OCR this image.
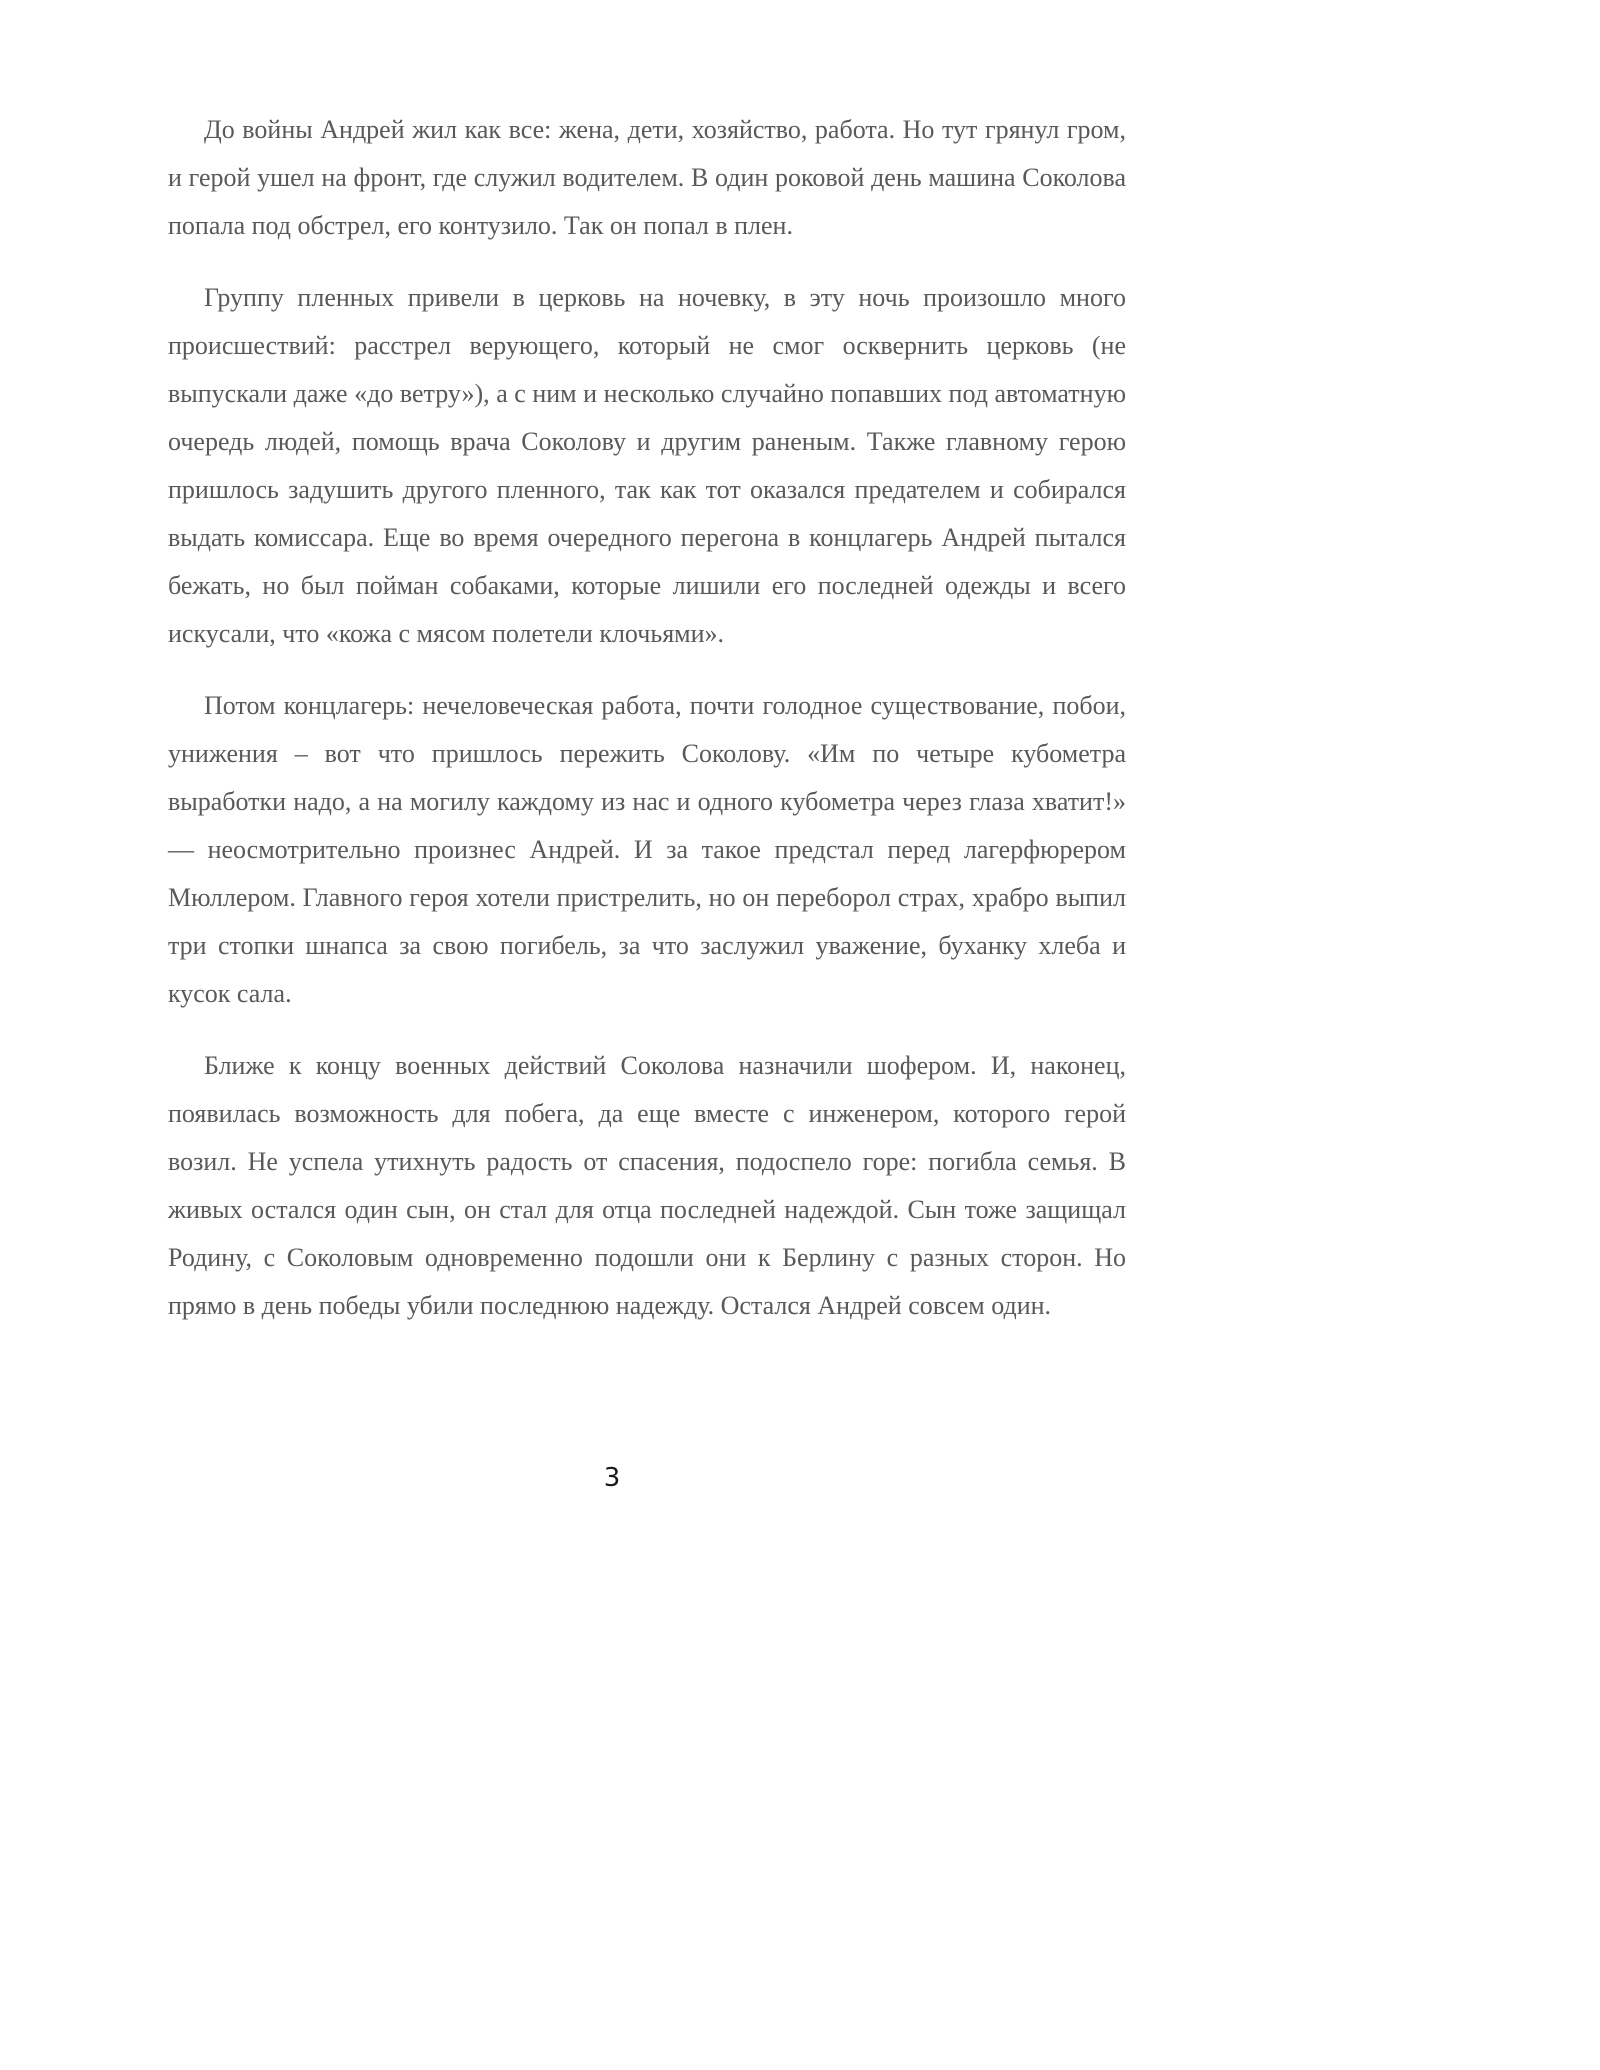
До войны Андрей жил как все: жена, дети, хозяйство, работа. Но тут грянул гром, и герой ушел на фронт, где служил водителем. В один роковой день машина Соколова попала под обстрел, его контузило. Так он попал в плен.

Группу пленных привели в церковь на ночевку, в эту ночь произошло много происшествий: расстрел верующего, который не смог осквернить церковь (не выпускали даже «до ветру»), а с ним и несколько случайно попавших под автоматную очередь людей, помощь врача Соколову и другим раненым. Также главному герою пришлось задушить другого пленного, так как тот оказался предателем и собирался выдать комиссара. Еще во время очередного перегона в концлагерь Андрей пытался бежать, но был пойман собаками, которые лишили его последней одежды и всего искусали, что «кожа с мясом полетели клочьями».

Потом концлагерь: нечеловеческая работа, почти голодное существование, побои, унижения – вот что пришлось пережить Соколову. «Им по четыре кубометра выработки надо, а на могилу каждому из нас и одного кубометра через глаза хватит!» — неосмотрительно произнес Андрей. И за такое предстал перед лагерфюрером Мюллером. Главного героя хотели пристрелить, но он переборол страх, храбро выпил три стопки шнапса за свою погибель, за что заслужил уважение, буханку хлеба и кусок сала.

Ближе к концу военных действий Соколова назначили шофером. И, наконец, появилась возможность для побега, да еще вместе с инженером, которого герой возил. Не успела утихнуть радость от спасения, подоспело горе: погибла семья. В живых остался один сын, он стал для отца последней надеждой. Сын тоже защищал Родину, с Соколовым одновременно подошли они к Берлину с разных сторон. Но прямо в день победы убили последнюю надежду. Остался Андрей совсем один.

3
